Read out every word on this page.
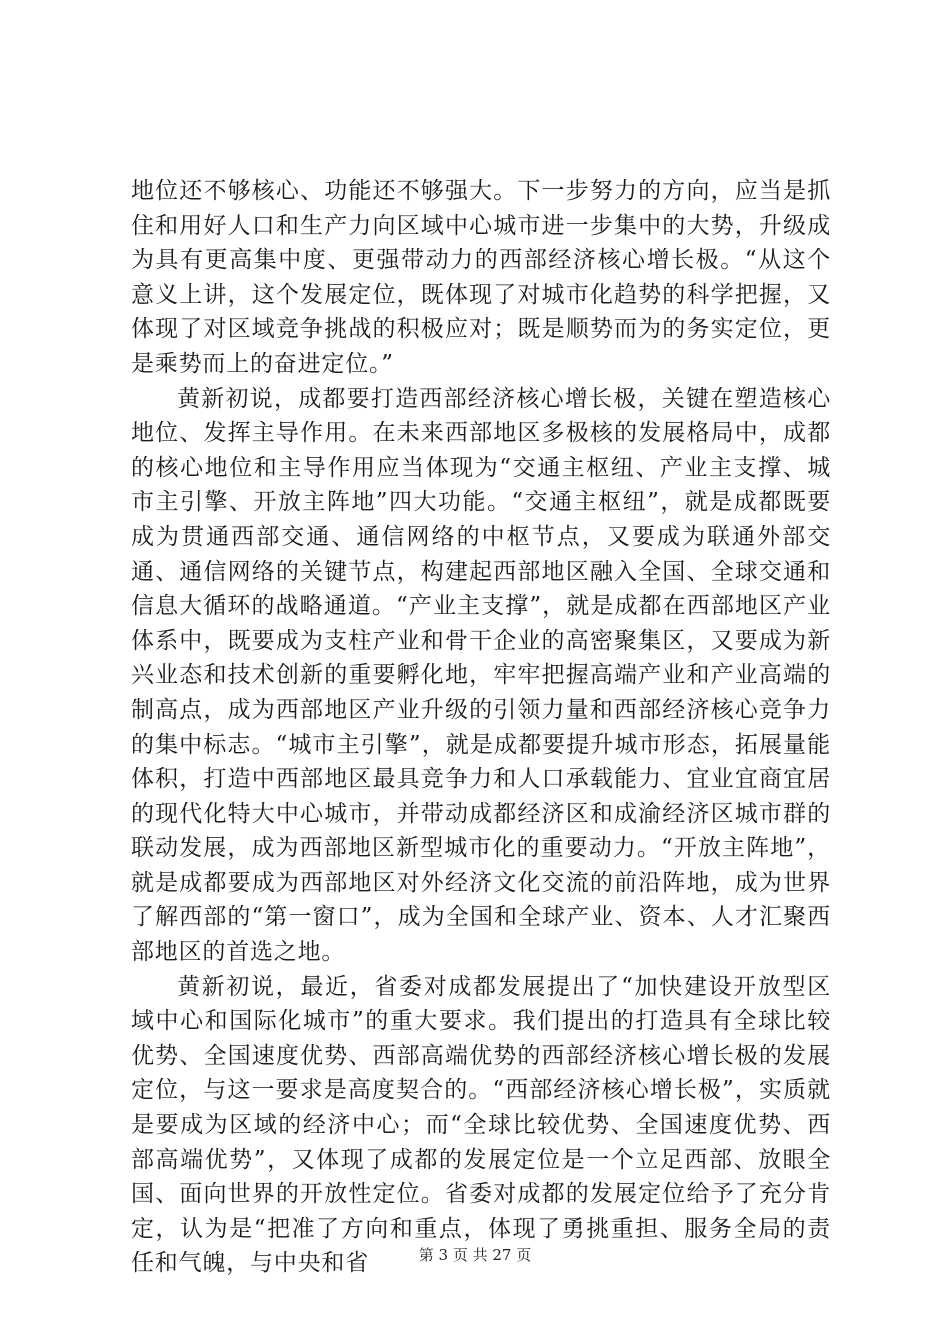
地位还不够核心、功能还不够强大。下一步努力的方向，应当是抓住和用好人口和生产力向区域中心城市进一步集中的大势，升级成为具有更高集中度、更强带动力的西部经济核心增长极。“从这个意义上讲，这个发展定位，既体现了对城市化趋势的科学把握，又体现了对区域竞争挑战的积极应对；既是顺势而为的务实定位，更是乘势而上的奋进定位。”

黄新初说，成都要打造西部经济核心增长极，关键在塑造核心地位、发挥主导作用。在未来西部地区多极核的发展格局中，成都的核心地位和主导作用应当体现为“交通主枢纽、产业主支撑、城市主引擎、开放主阵地”四大功能。“交通主枢纽”，就是成都既要成为贯通西部交通、通信网络的中枢节点，又要成为联通外部交通、通信网络的关键节点，构建起西部地区融入全国、全球交通和信息大循环的战略通道。“产业主支撑”，就是成都在西部地区产业体系中，既要成为支柱产业和骨干企业的高密聚集区，又要成为新兴业态和技术创新的重要孵化地，牢牢把握高端产业和产业高端的制高点，成为西部地区产业升级的引领力量和西部经济核心竞争力的集中标志。“城市主引擎”，就是成都要提升城市形态，拓展量能体积，打造中西部地区最具竞争力和人口承载能力、宜业宜商宜居的现代化特大中心城市，并带动成都经济区和成渝经济区城市群的联动发展，成为西部地区新型城市化的重要动力。“开放主阵地”，就是成都要成为西部地区对外经济文化交流的前沿阵地，成为世界了解西部的“第一窗口”，成为全国和全球产业、资本、人才汇聚西部地区的首选之地。

黄新初说，最近，省委对成都发展提出了“加快建设开放型区域中心和国际化城市”的重大要求。我们提出的打造具有全球比较优势、全国速度优势、西部高端优势的西部经济核心增长极的发展定位，与这一要求是高度契合的。“西部经济核心增长极”，实质就是要成为区域的经济中心；而“全球比较优势、全国速度优势、西部高端优势”，又体现了成都的发展定位是一个立足西部、放眼全国、面向世界的开放性定位。省委对成都的发展定位给予了充分肯定，认为是“把准了方向和重点，体现了勇挑重担、服务全局的责任和气魄，与中央和省	第 3 页 共 27 页
